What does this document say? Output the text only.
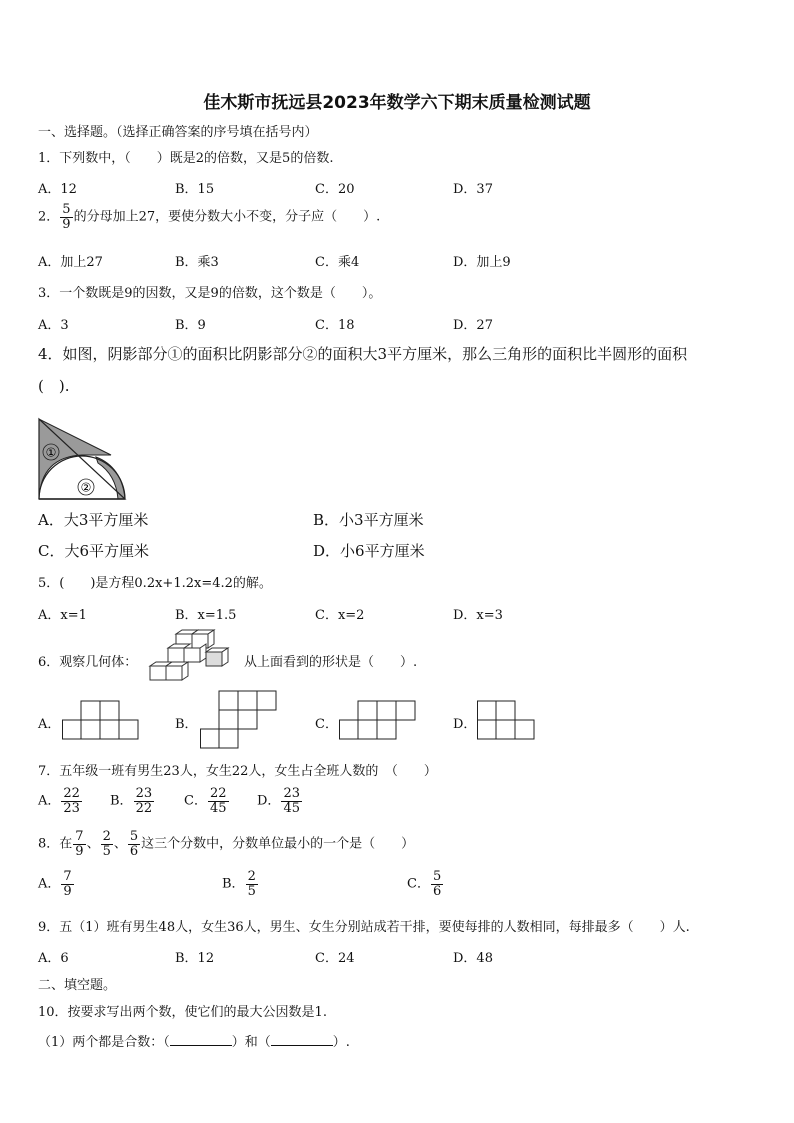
佳木斯市抚远县2023年数学六下期末质量检测试题
一、选择题。（选择正确答案的序号填在括号内）
1．下列数中，（　　）既是2的倍数，又是5的倍数.
A．12	B．15	C．20	D．37
2． $\frac{5}{9}$ 的分母加上27，要使分数大小不变，分子应（　　）.
A．加上27	B．乘3	C．乘4	D．加上9
3．一个数既是9的因数，又是9的倍数，这个数是（　　）。
A．3	B．9	C．18	D．27
4．如图，阴影部分①的面积比阴影部分②的面积大3平方厘米，那么三角形的面积比半圆形的面积
(　).
①
②
A．大3平方厘米	B．小3平方厘米
C．大6平方厘米	D．小6平方厘米
5．(　　)是方程0.2x+1.2x=4.2的解。
A．x=1	B．x=1.5	C．x=2	D．x=3
6．观察几何体：	从上面看到的形状是（　　）.
A．	B．	C．	D．
7．五年级一班有男生23人，女生22人，女生占全班人数的　（　　）
A． $\frac{22}{23}$ B． $\frac{23}{22}$ C． $\frac{22}{45}$ D． $\frac{23}{45}$
8．在 $\frac{7}{9}$ 、 $\frac{2}{5}$ 、 $\frac{5}{6}$ 这三个分数中，分数单位最小的一个是（　　）
A． $\frac{7}{9}$	B． $\frac{2}{5}$	C． $\frac{5}{6}$
9．五（1）班有男生48人，女生36人，男生、女生分别站成若干排，要使每排的人数相同，每排最多（　　）人.
A．6	B．12	C．24	D．48
二、填空题。
10．按要求写出两个数，使它们的最大公因数是1.
（1）两个都是合数：（	）和（	）.
